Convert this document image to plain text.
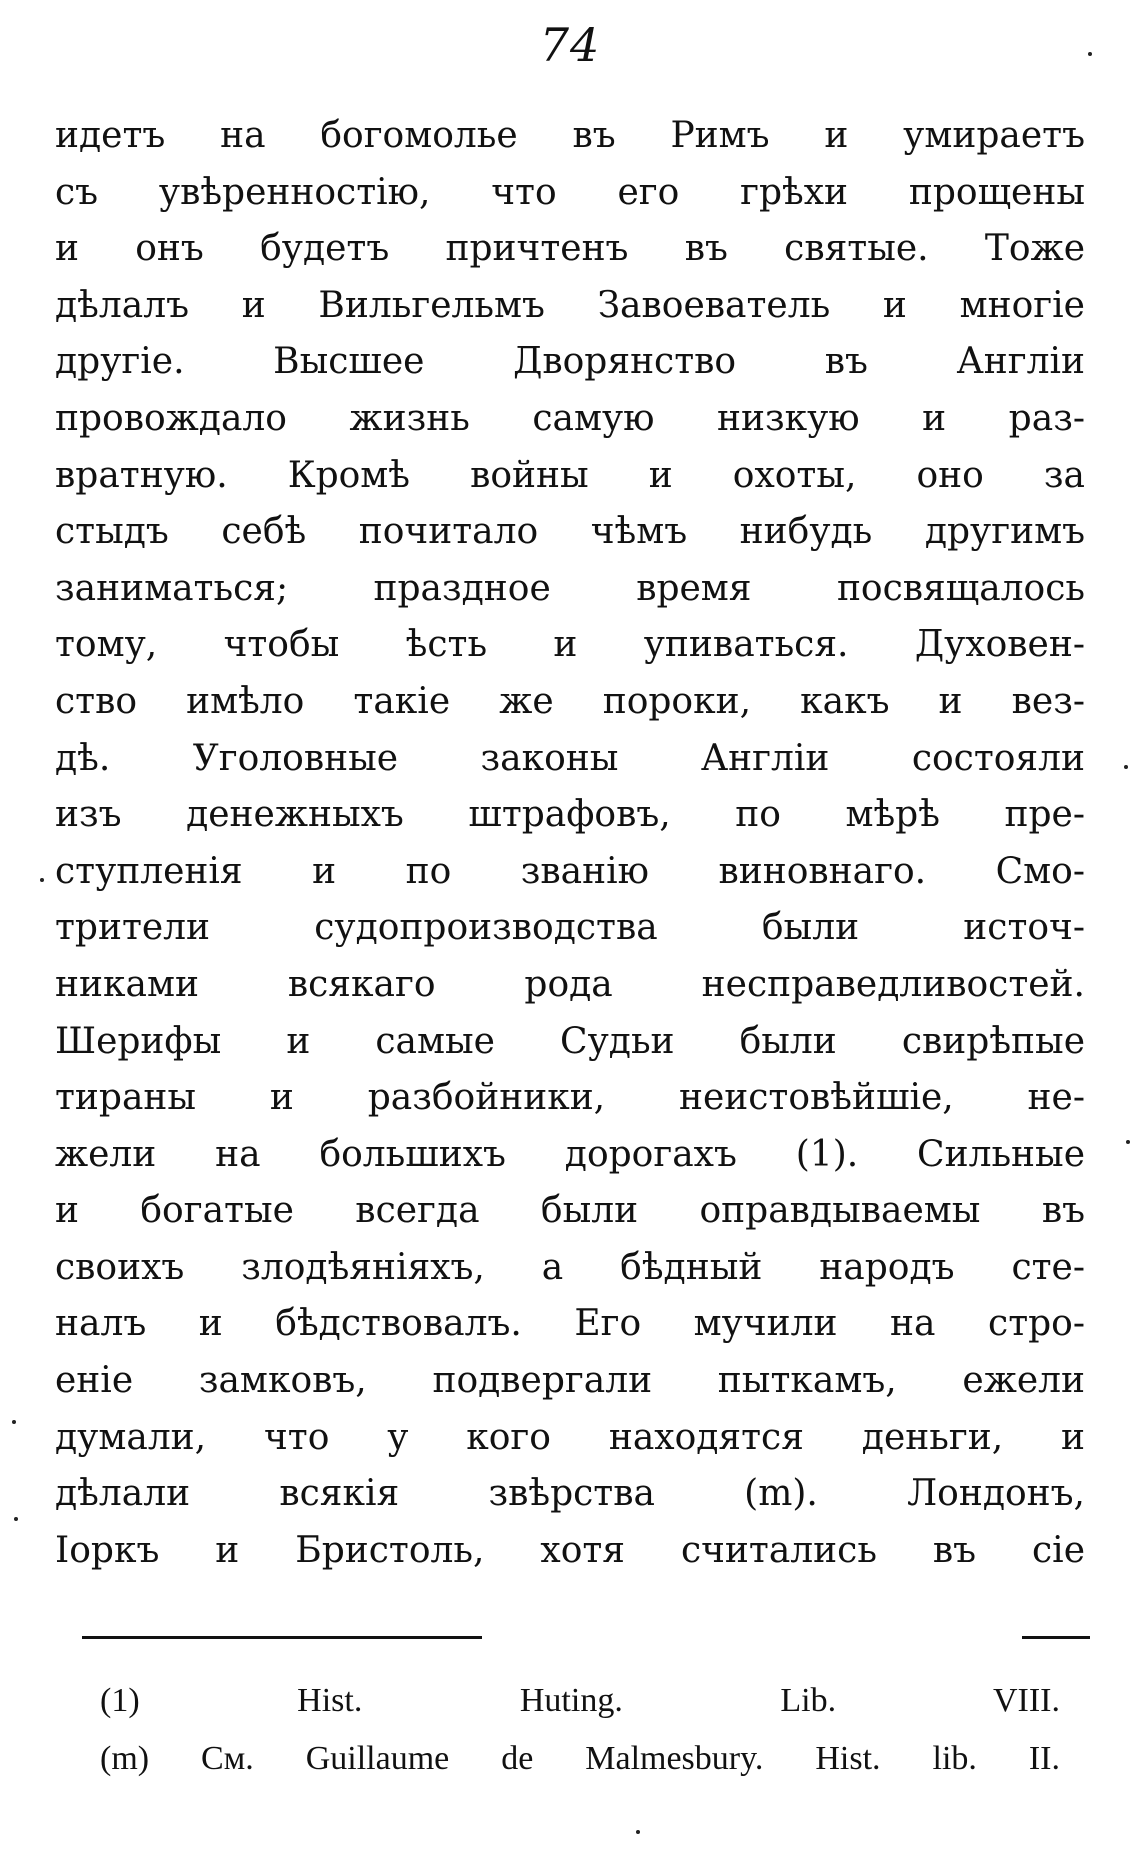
74
идетъ на богомолье въ Римъ и умираетъ
съ увѣренностію, что его грѣхи прощены
и онъ будетъ причтенъ въ святые. Тоже
дѣлалъ и Вильгельмъ Завоеватель и многіе
другіе. Высшее Дворянство въ Англіи
провождало жизнь самую низкую и раз-
вратную. Кромѣ войны и охоты, оно за
стыдъ себѣ почитало чѣмъ нибудь другимъ
заниматься; праздное время посвящалось
тому, чтобы ѣсть и упиваться. Духовен-
ство имѣло такіе же пороки, какъ и вез-
дѣ. Уголовные законы Англіи состояли
изъ денежныхъ штрафовъ, по мѣрѣ пре-
ступленія и по званію виновнаго. Смо-
трители судопроизводства были источ-
никами всякаго рода несправедливостей.
Шерифы и самые Судьи были свирѣпые
тираны и разбойники, неистовѣйшіе, не-
жели на большихъ дорогахъ (1). Сильные
и богатые всегда были оправдываемы въ
своихъ злодѣяніяхъ, а бѣдный народъ сте-
налъ и бѣдствовалъ. Его мучили на стро-
еніе замковъ, подвергали пыткамъ, ежели
думали, что у кого находятся деньги, и
дѣлали всякія звѣрства (m). Лондонъ,
Іоркъ и Бристоль, хотя считались въ сіе
(1) Hist. Huting. Lib. VIII.
(m) См. Guillaume de Malmesbury. Hist. lib. II.
